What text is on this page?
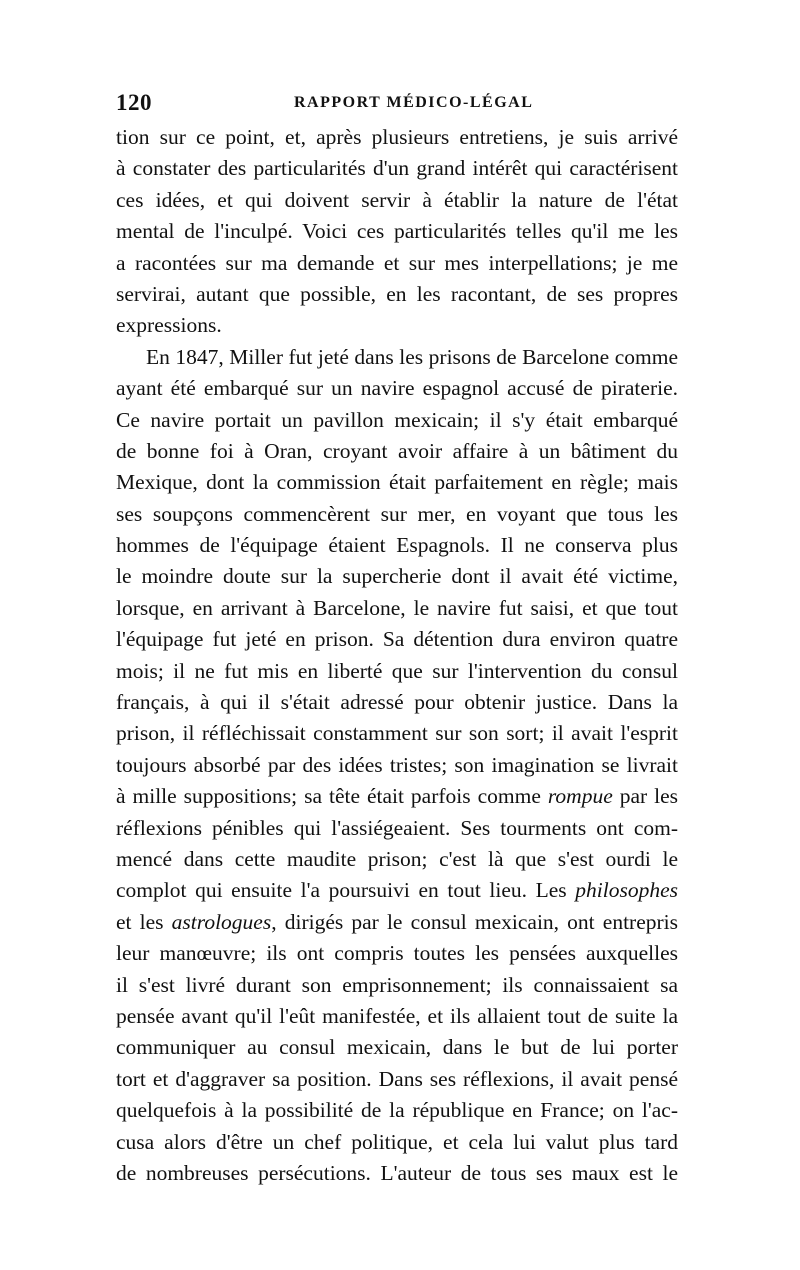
120	RAPPORT MÉDICO-LÉGAL
tion sur ce point, et, après plusieurs entretiens, je suis arrivé
à constater des particularités d'un grand intérêt qui caractérisent
ces idées, et qui doivent servir à établir la nature de l'état
mental de l'inculpé. Voici ces particularités telles qu'il me les
a racontées sur ma demande et sur mes interpellations; je me
servirai, autant que possible, en les racontant, de ses propres
expressions.
En 1847, Miller fut jeté dans les prisons de Barcelone comme
ayant été embarqué sur un navire espagnol accusé de piraterie.
Ce navire portait un pavillon mexicain; il s'y était embarqué
de bonne foi à Oran, croyant avoir affaire à un bâtiment du
Mexique, dont la commission était parfaitement en règle; mais
ses soupçons commencèrent sur mer, en voyant que tous les
hommes de l'équipage étaient Espagnols. Il ne conserva plus
le moindre doute sur la supercherie dont il avait été victime,
lorsque, en arrivant à Barcelone, le navire fut saisi, et que tout
l'équipage fut jeté en prison. Sa détention dura environ quatre
mois; il ne fut mis en liberté que sur l'intervention du consul
français, à qui il s'était adressé pour obtenir justice. Dans la
prison, il réfléchissait constamment sur son sort; il avait l'esprit
toujours absorbé par des idées tristes; son imagination se livrait
à mille suppositions; sa tête était parfois comme rompue par les
réflexions pénibles qui l'assiégeaient. Ses tourments ont com-
mencé dans cette maudite prison; c'est là que s'est ourdi le
complot qui ensuite l'a poursuivi en tout lieu. Les philosophes
et les astrologues, dirigés par le consul mexicain, ont entrepris
leur manœuvre; ils ont compris toutes les pensées auxquelles
il s'est livré durant son emprisonnement; ils connaissaient sa
pensée avant qu'il l'eût manifestée, et ils allaient tout de suite la
communiquer au consul mexicain, dans le but de lui porter
tort et d'aggraver sa position. Dans ses réflexions, il avait pensé
quelquefois à la possibilité de la république en France; on l'ac-
cusa alors d'être un chef politique, et cela lui valut plus tard
de nombreuses persécutions. L'auteur de tous ses maux est le
